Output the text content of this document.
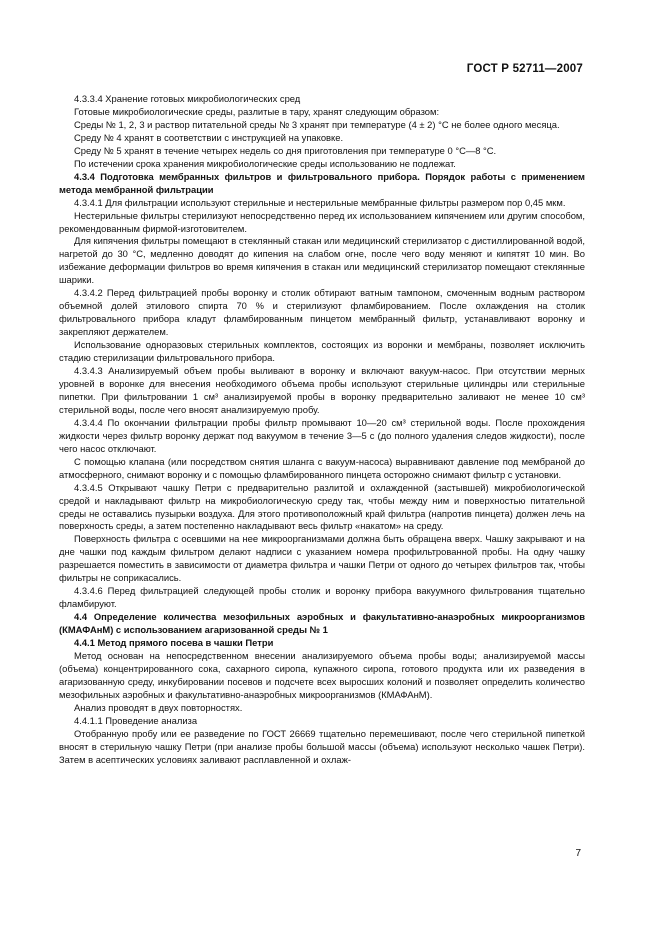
ГОСТ Р 52711—2007

4.3.3.4 Хранение готовых микробиологических сред

Готовые микробиологические среды, разлитые в тару, хранят следующим образом:

Среды № 1, 2, 3 и раствор питательной среды № 3 хранят при температуре (4 ± 2) °С не более одного месяца.

Среду № 4 хранят в соответствии с инструкцией на упаковке.

Среду № 5 хранят в течение четырех недель со дня приготовления при температуре 0 °С—8 °С.

По истечении срока хранения микробиологические среды использованию не подлежат.

4.3.4 Подготовка мембранных фильтров и фильтровального прибора. Порядок работы с применением метода мембранной фильтрации

4.3.4.1 Для фильтрации используют стерильные и нестерильные мембранные фильтры размером пор 0,45 мкм.

Нестерильные фильтры стерилизуют непосредственно перед их использованием кипячением или другим способом, рекомендованным фирмой-изготовителем.

Для кипячения фильтры помещают в стеклянный стакан или медицинский стерилизатор с дистиллированной водой, нагретой до 30 °С, медленно доводят до кипения на слабом огне, после чего воду меняют и кипятят 10 мин. Во избежание деформации фильтров во время кипячения в стакан или медицинский стерилизатор помещают стеклянные шарики.

4.3.4.2 Перед фильтрацией пробы воронку и столик обтирают ватным тампоном, смоченным водным раствором объемной долей этилового спирта 70 % и стерилизуют фламбированием. После охлаждения на столик фильтровального прибора кладут фламбированным пинцетом мембранный фильтр, устанавливают воронку и закрепляют держателем.

Использование одноразовых стерильных комплектов, состоящих из воронки и мембраны, позволяет исключить стадию стерилизации фильтровального прибора.

4.3.4.3 Анализируемый объем пробы выливают в воронку и включают вакуум-насос. При отсутствии мерных уровней в воронке для внесения необходимого объема пробы используют стерильные цилиндры или стерильные пипетки. При фильтровании 1 см³ анализируемой пробы в воронку предварительно заливают не менее 10 см³ стерильной воды, после чего вносят анализируемую пробу.

4.3.4.4 По окончании фильтрации пробы фильтр промывают 10—20 см³ стерильной воды. После прохождения жидкости через фильтр воронку держат под вакуумом в течение 3—5 с (до полного удаления следов жидкости), после чего насос отключают.

С помощью клапана (или посредством снятия шланга с вакуум-насоса) выравнивают давление под мембраной до атмосферного, снимают воронку и с помощью фламбированного пинцета осторожно снимают фильтр с установки.

4.3.4.5 Открывают чашку Петри с предварительно разлитой и охлажденной (застывшей) микробиологической средой и накладывают фильтр на микробиологическую среду так, чтобы между ним и поверхностью питательной среды не оставались пузырьки воздуха. Для этого противоположный край фильтра (напротив пинцета) должен лечь на поверхность среды, а затем постепенно накладывают весь фильтр «накатом» на среду.

Поверхность фильтра с осевшими на нее микроорганизмами должна быть обращена вверх. Чашку закрывают и на дне чашки под каждым фильтром делают надписи с указанием номера профильтрованной пробы. На одну чашку разрешается поместить в зависимости от диаметра фильтра и чашки Петри от одного до четырех фильтров так, чтобы фильтры не соприкасались.

4.3.4.6 Перед фильтрацией следующей пробы столик и воронку прибора вакуумного фильтрования тщательно фламбируют.

4.4 Определение количества мезофильных аэробных и факультативно-анаэробных микроорганизмов (КМАФАнМ) с использованием агаризованной среды № 1

4.4.1 Метод прямого посева в чашки Петри

Метод основан на непосредственном внесении анализируемого объема пробы воды; анализируемой массы (объема) концентрированного сока, сахарного сиропа, купажного сиропа, готового продукта или их разведения в агаризованную среду, инкубировании посевов и подсчете всех выросших колоний и позволяет определить количество мезофильных аэробных и факультативно-анаэробных микроорганизмов (КМАФАнМ).

Анализ проводят в двух повторностях.

4.4.1.1 Проведение анализа

Отобранную пробу или ее разведение по ГОСТ 26669 тщательно перемешивают, после чего стерильной пипеткой вносят в стерильную чашку Петри (при анализе пробы большой массы (объема) используют несколько чашек Петри). Затем в асептических условиях заливают расплавленной и охлаж-

7
